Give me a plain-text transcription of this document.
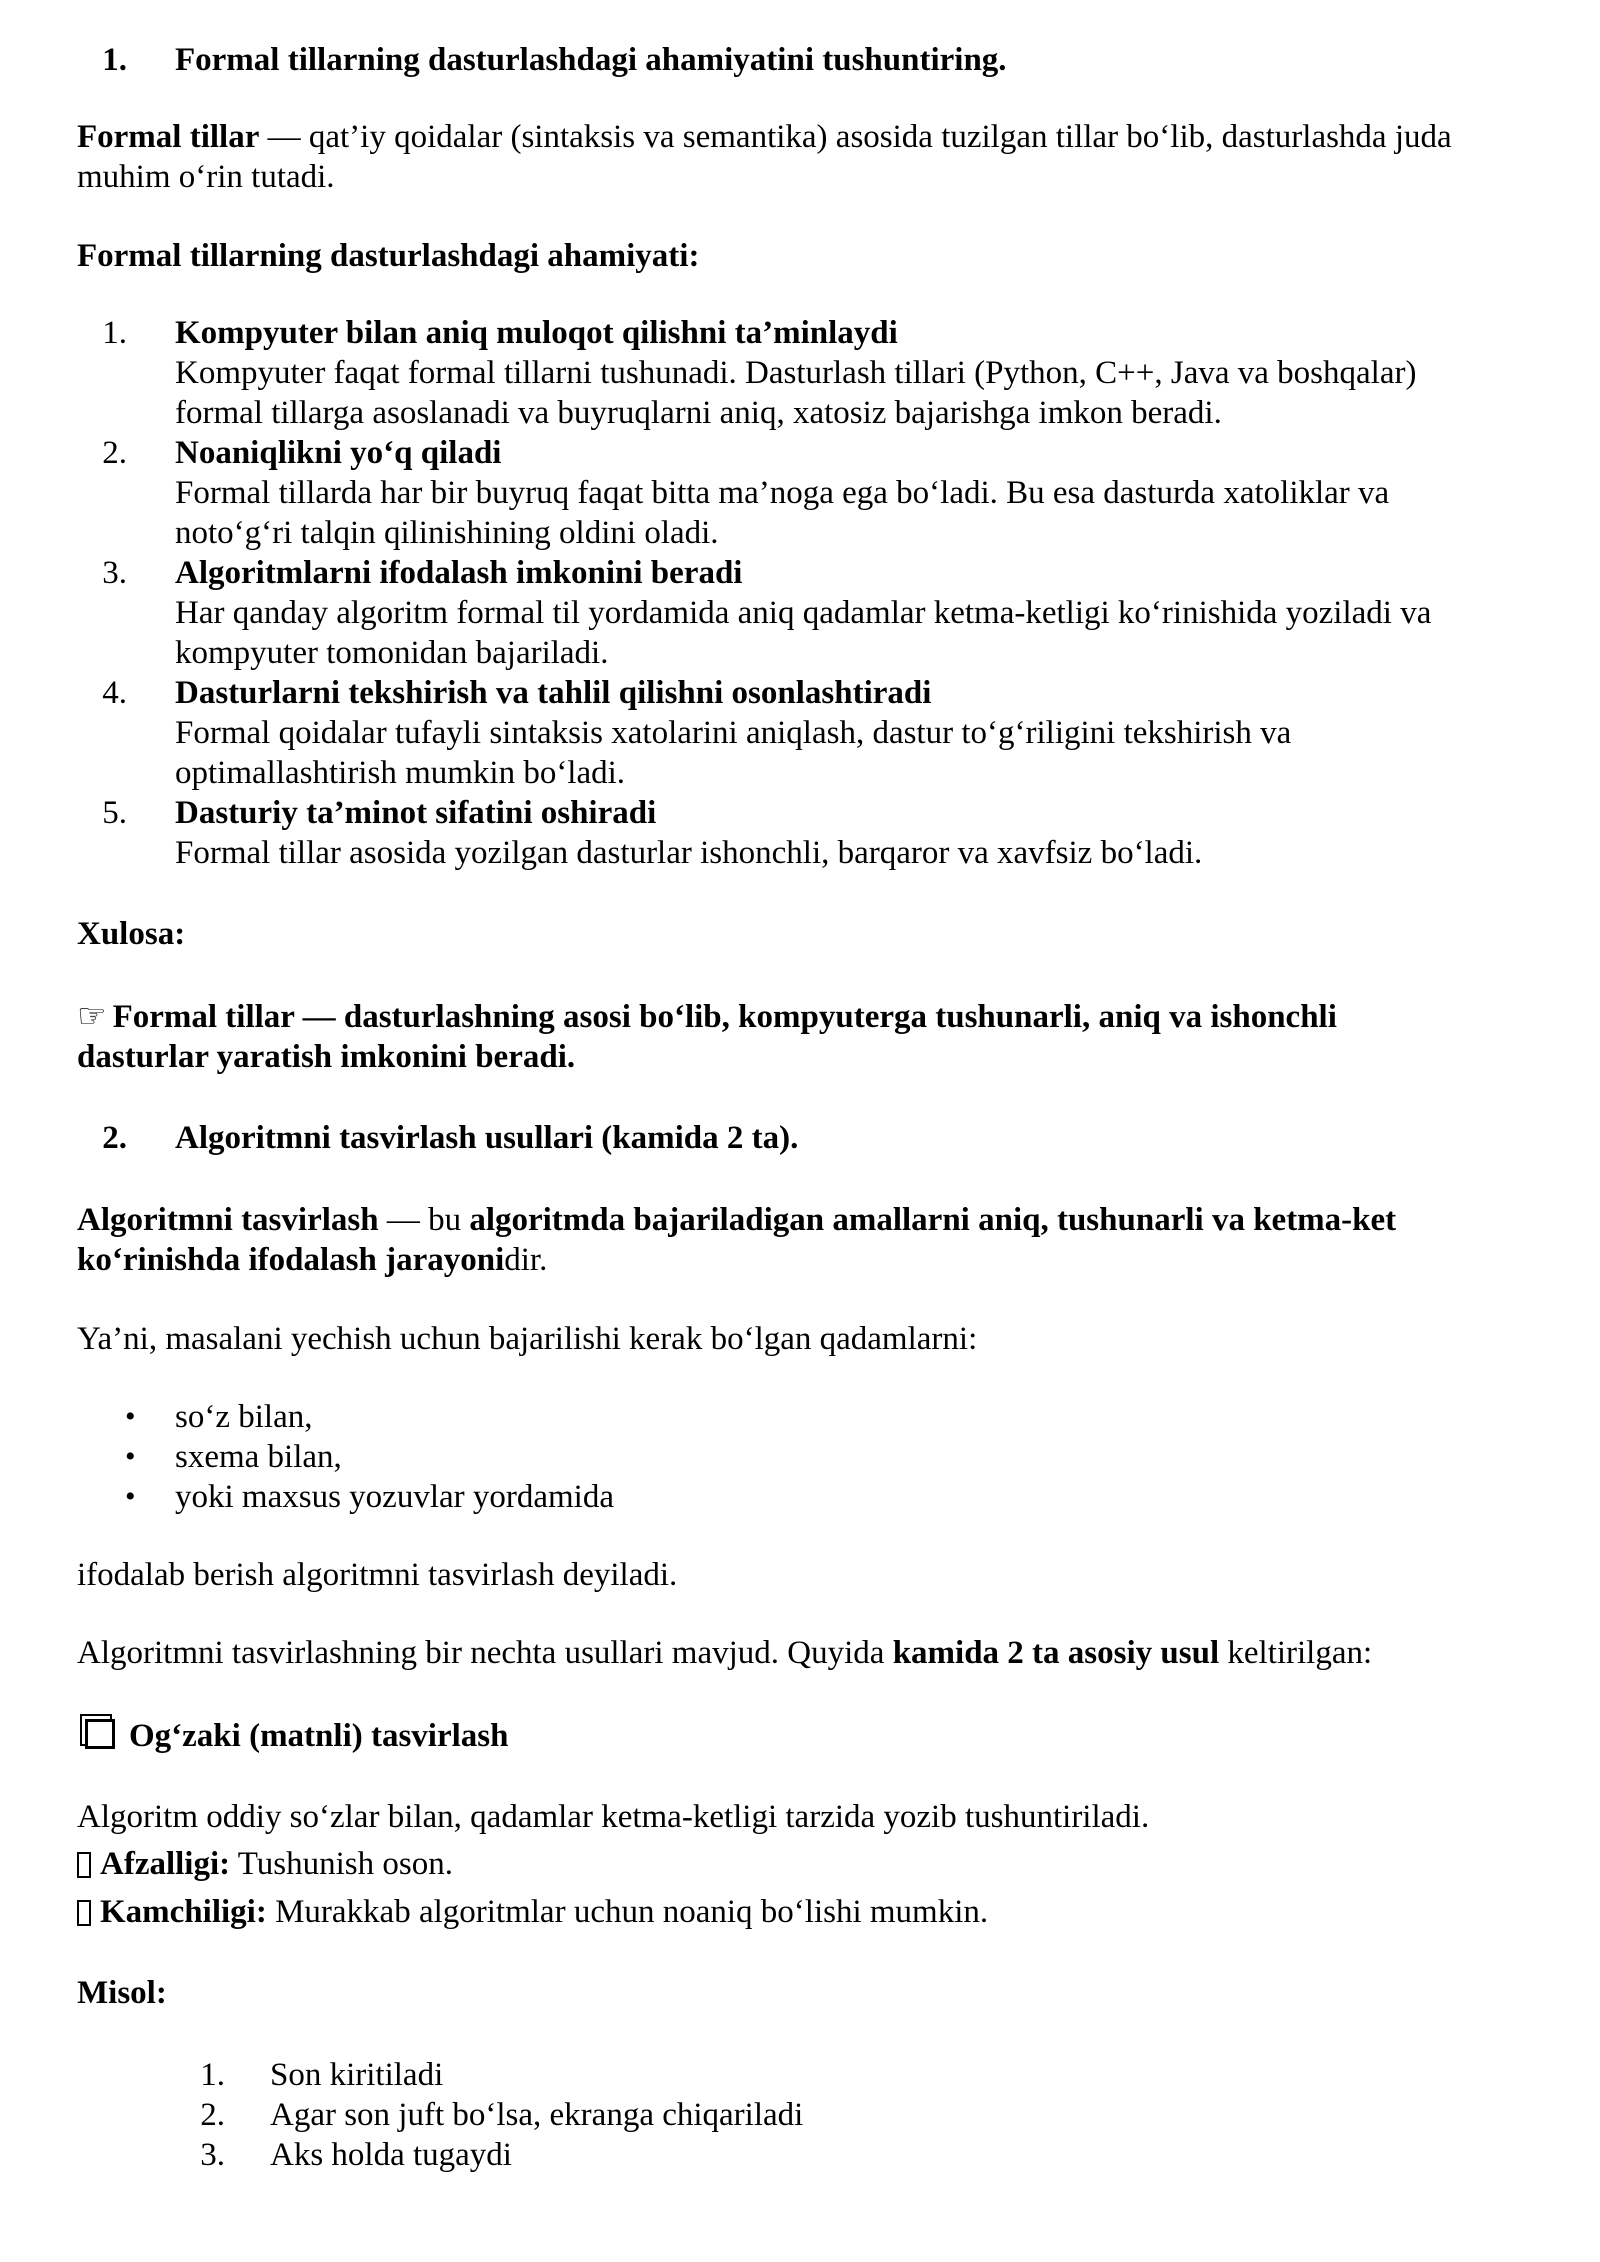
1. Formal tillarning dasturlashdagi ahamiyatini tushuntiring.
Formal tillar — qat’iy qoidalar (sintaksis va semantika) asosida tuzilgan tillar bo‘lib, dasturlashda juda
muhim o‘rin tutadi.
Formal tillarning dasturlashdagi ahamiyati:
1. Kompyuter bilan aniq muloqot qilishni ta’minlaydi
Kompyuter faqat formal tillarni tushunadi. Dasturlash tillari (Python, C++, Java va boshqalar)
formal tillarga asoslanadi va buyruqlarni aniq, xatosiz bajarishga imkon beradi.
2. Noaniqlikni yo‘q qiladi
Formal tillarda har bir buyruq faqat bitta ma’noga ega bo‘ladi. Bu esa dasturda xatoliklar va
noto‘g‘ri talqin qilinishining oldini oladi.
3. Algoritmlarni ifodalash imkonini beradi
Har qanday algoritm formal til yordamida aniq qadamlar ketma-ketligi ko‘rinishida yoziladi va
kompyuter tomonidan bajariladi.
4. Dasturlarni tekshirish va tahlil qilishni osonlashtiradi
Formal qoidalar tufayli sintaksis xatolarini aniqlash, dastur to‘g‘riligini tekshirish va
optimallashtirish mumkin bo‘ladi.
5. Dasturiy ta’minot sifatini oshiradi
Formal tillar asosida yozilgan dasturlar ishonchli, barqaror va xavfsiz bo‘ladi.
Xulosa:
☞ Formal tillar — dasturlashning asosi bo‘lib, kompyuterga tushunarli, aniq va ishonchli
dasturlar yaratish imkonini beradi.
2. Algoritmni tasvirlash usullari (kamida 2 ta).
Algoritmni tasvirlash — bu algoritmda bajariladigan amallarni aniq, tushunarli va ketma-ket
ko‘rinishda ifodalash jarayonidir.
Ya’ni, masalani yechish uchun bajarilishi kerak bo‘lgan qadamlarni:
• so‘z bilan,
• sxema bilan,
• yoki maxsus yozuvlar yordamida
ifodalab berish algoritmni tasvirlash deyiladi.
Algoritmni tasvirlashning bir nechta usullari mavjud. Quyida kamida 2 ta asosiy usul keltirilgan:
Og‘zaki (matnli) tasvirlash
Algoritm oddiy so‘zlar bilan, qadamlar ketma-ketligi tarzida yozib tushuntiriladi.
Afzalligi: Tushunish oson.
Kamchiligi: Murakkab algoritmlar uchun noaniq bo‘lishi mumkin.
Misol:
1. Son kiritiladi
2. Agar son juft bo‘lsa, ekranga chiqariladi
3. Aks holda tugaydi
